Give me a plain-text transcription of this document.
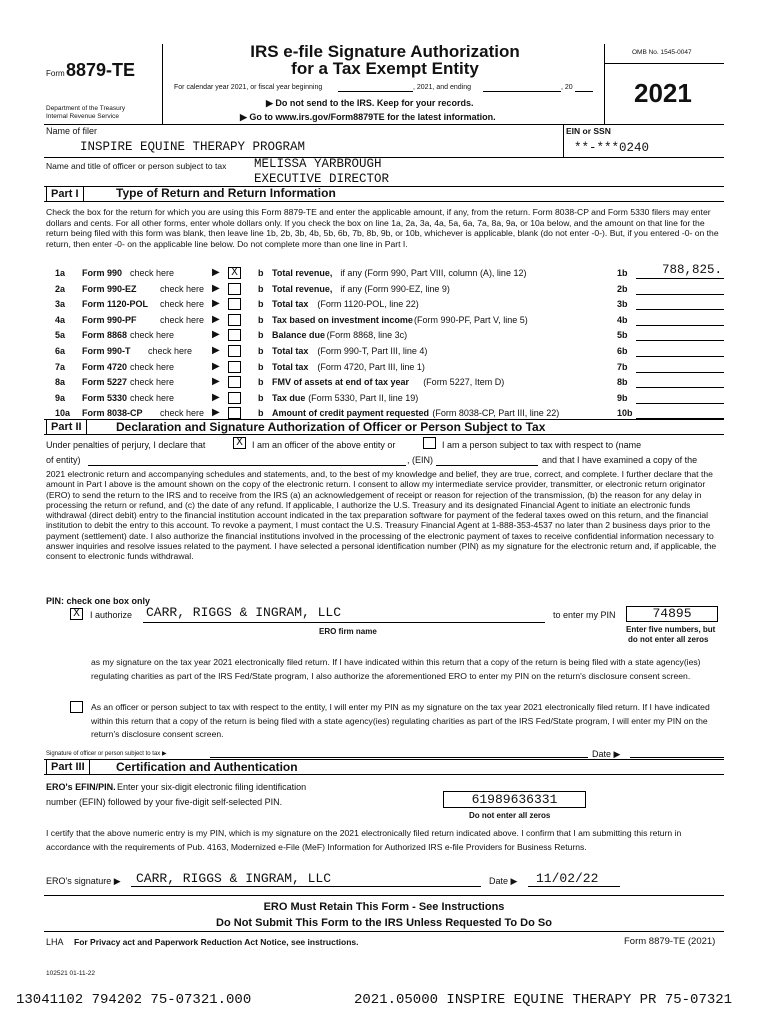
Form 8879-TE
Department of the Treasury
Internal Revenue Service
IRS e-file Signature Authorization
for a Tax Exempt Entity
For calendar year 2021, or fiscal year beginning	, 2021, and ending	, 20
▶ Do not send to the IRS. Keep for your records.
▶ Go to www.irs.gov/Form8879TE for the latest information.
OMB No. 1545-0047
2021
Name of filer
INSPIRE EQUINE THERAPY PROGRAM
EIN or SSN
**-***0240
Name and title of officer or person subject to tax MELISSA YARBROUGH
EXECUTIVE DIRECTOR
Part I	Type of Return and Return Information
Check the box for the return for which you are using this Form 8879-TE and enter the applicable amount, if any, from the return. Form 8038-CP and Form 5330 filers may enter dollars and cents. For all other forms, enter whole dollars only. If you check the box on line 1a, 2a, 3a, 4a, 5a, 6a, 7a, 8a, 9a, or 10a below, and the amount on that line for the return being filed with this form was blank, then leave line 1b, 2b, 3b, 4b, 5b, 6b, 7b, 8b, 9b, or 10b, whichever is applicable, blank (do not enter -0-). But, if you entered -0- on the return, then enter -0- on the applicable line below. Do not complete more than one line in Part I.
1a Form 990 check here	▶ X	b Total revenue, if any (Form 990, Part VIII, column (A), line 12)	1b	788,825.
2a Form 990-EZ	check here ▶	b Total revenue, if any (Form 990-EZ, line 9)	2b
3a Form 1120-POL check here ▶	b Total tax (Form 1120-POL, line 22)	3b
4a Form 990-PF	check here ▶	b Tax based on investment income (Form 990-PF, Part V, line 5)	4b
5a Form 8868 check here	▶	b Balance due (Form 8868, line 3c)	5b
6a Form 990-T check here ▶	b Total tax (Form 990-T, Part III, line 4)	6b
7a Form 4720 check here	▶	b Total tax (Form 4720, Part III, line 1)	7b
8a Form 5227 check here	▶	b FMV of assets at end of tax year (Form 5227, Item D)	8b
9a Form 5330 check here	▶	b Tax due (Form 5330, Part II, line 19)	9b
10a Form 8038-CP check here ▶	b Amount of credit payment requested (Form 8038-CP, Part III, line 22)	10b
Part II	Declaration and Signature Authorization of Officer or Person Subject to Tax
Under penalties of perjury, I declare that	X	I am an officer of the above entity or	I am a person subject to tax with respect to (name
of entity)	, (EIN)	and that I have examined a copy of the
2021 electronic return and accompanying schedules and statements, and, to the best of my knowledge and belief, they are true, correct, and complete. I further declare that the amount in Part I above is the amount shown on the copy of the electronic return. I consent to allow my intermediate service provider, transmitter, or electronic return originator (ERO) to send the return to the IRS and to receive from the IRS (a) an acknowledgement of receipt or reason for rejection of the transmission, (b) the reason for any delay in processing the return or refund, and (c) the date of any refund. If applicable, I authorize the U.S. Treasury and its designated Financial Agent to initiate an electronic funds withdrawal (direct debit) entry to the financial institution account indicated in the tax preparation software for payment of the federal taxes owed on this return, and the financial institution to debit the entry to this account. To revoke a payment, I must contact the U.S. Treasury Financial Agent at 1-888-353-4537 no later than 2 business days prior to the payment (settlement) date. I also authorize the financial institutions involved in the processing of the electronic payment of taxes to receive confidential information necessary to answer inquiries and resolve issues related to the payment. I have selected a personal identification number (PIN) as my signature for the electronic return and, if applicable, the consent to electronic funds withdrawal.
PIN: check one box only
X	I authorize CARR, RIGGS & INGRAM, LLC	to enter my PIN	74895
ERO firm name	Enter five numbers, but
do not enter all zeros
as my signature on the tax year 2021 electronically filed return. If I have indicated within this return that a copy of the return is being filed with a state agency(ies) regulating charities as part of the IRS Fed/State program, I also authorize the aforementioned ERO to enter my PIN on the return's disclosure consent screen.
As an officer or person subject to tax with respect to the entity, I will enter my PIN as my signature on the tax year 2021 electronically filed return. If I have indicated within this return that a copy of the return is being filed with a state agency(ies) regulating charities as part of the IRS Fed/State program, I will enter my PIN on the return's disclosure consent screen.
Signature of officer or person subject to tax ▶	Date ▶
Part III	Certification and Authentication
ERO's EFIN/PIN. Enter your six-digit electronic filing identification
number (EFIN) followed by your five-digit self-selected PIN.	61989636331
Do not enter all zeros
I certify that the above numeric entry is my PIN, which is my signature on the 2021 electronically filed return indicated above. I confirm that I am submitting this return in accordance with the requirements of Pub. 4163, Modernized e-File (MeF) Information for Authorized IRS e-file Providers for Business Returns.
ERO's signature ▶ CARR, RIGGS & INGRAM, LLC	Date ▶ 11/02/22
ERO Must Retain This Form - See Instructions
Do Not Submit This Form to the IRS Unless Requested To Do So
LHA For Privacy act and Paperwork Reduction Act Notice, see instructions.	Form 8879-TE (2021)
102521 01-11-22
13041102 794202 75-07321.000	2021.05000 INSPIRE EQUINE THERAPY PR 75-07321
